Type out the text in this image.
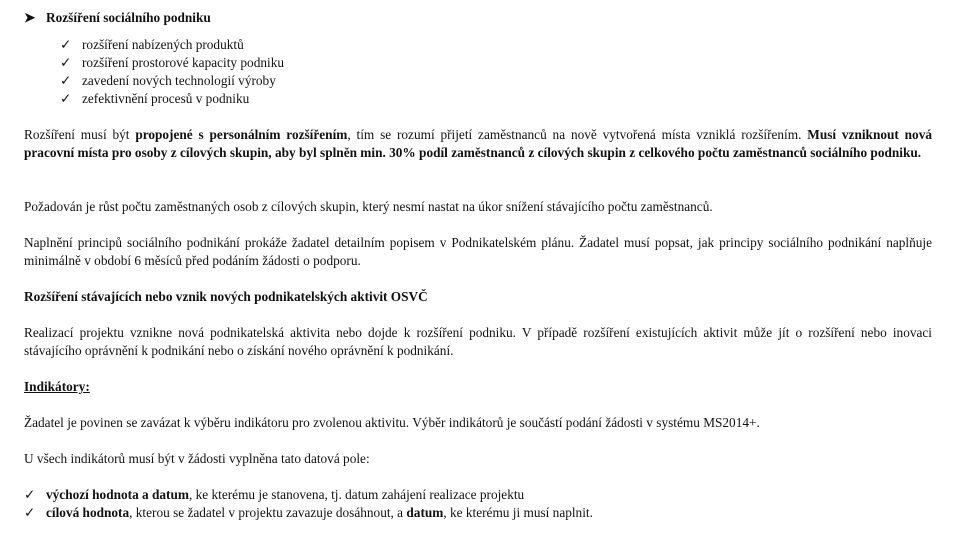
➤ Rozšíření sociálního podniku
✓ rozšíření nabízených produktů
✓ rozšíření prostorové kapacity podniku
✓ zavedení nových technologií výroby
✓ zefektivnění procesů v podniku

Rozšíření musí být propojené s personálním rozšířením, tím se rozumí přijetí zaměstnanců na nově vytvořená místa vzniklá rozšířením. Musí vzniknout nová pracovní místa pro osoby z cílových skupin, aby byl splněn min. 30% podíl zaměstnanců z cílových skupin z celkového počtu zaměstnanců sociálního podniku.

Požadován je růst počtu zaměstnaných osob z cílových skupin, který nesmí nastat na úkor snížení stávajícího počtu zaměstnanců.

Naplnění principů sociálního podnikání prokáže žadatel detailním popisem v Podnikatelském plánu. Žadatel musí popsat, jak principy sociálního podnikání naplňuje minimálně v období 6 měsíců před podáním žádosti o podporu.

Rozšíření stávajících nebo vznik nových podnikatelských aktivit OSVČ

Realizací projektu vznikne nová podnikatelská aktivita nebo dojde k rozšíření podniku. V případě rozšíření existujících aktivit může jít o rozšíření nebo inovaci stávajícího oprávnění k podnikání nebo o získání nového oprávnění k podnikání.

Indikátory:

Žadatel je povinen se zavázat k výběru indikátoru pro zvolenou aktivitu. Výběr indikátorů je součástí podání žádosti v systému MS2014+.

U všech indikátorů musí být v žádosti vyplněna tato datová pole:

✓ výchozí hodnota a datum, ke kterému je stanovena, tj. datum zahájení realizace projektu
✓ cílová hodnota, kterou se žadatel v projektu zavazuje dosáhnout, a datum, ke kterému ji musí naplnit.
